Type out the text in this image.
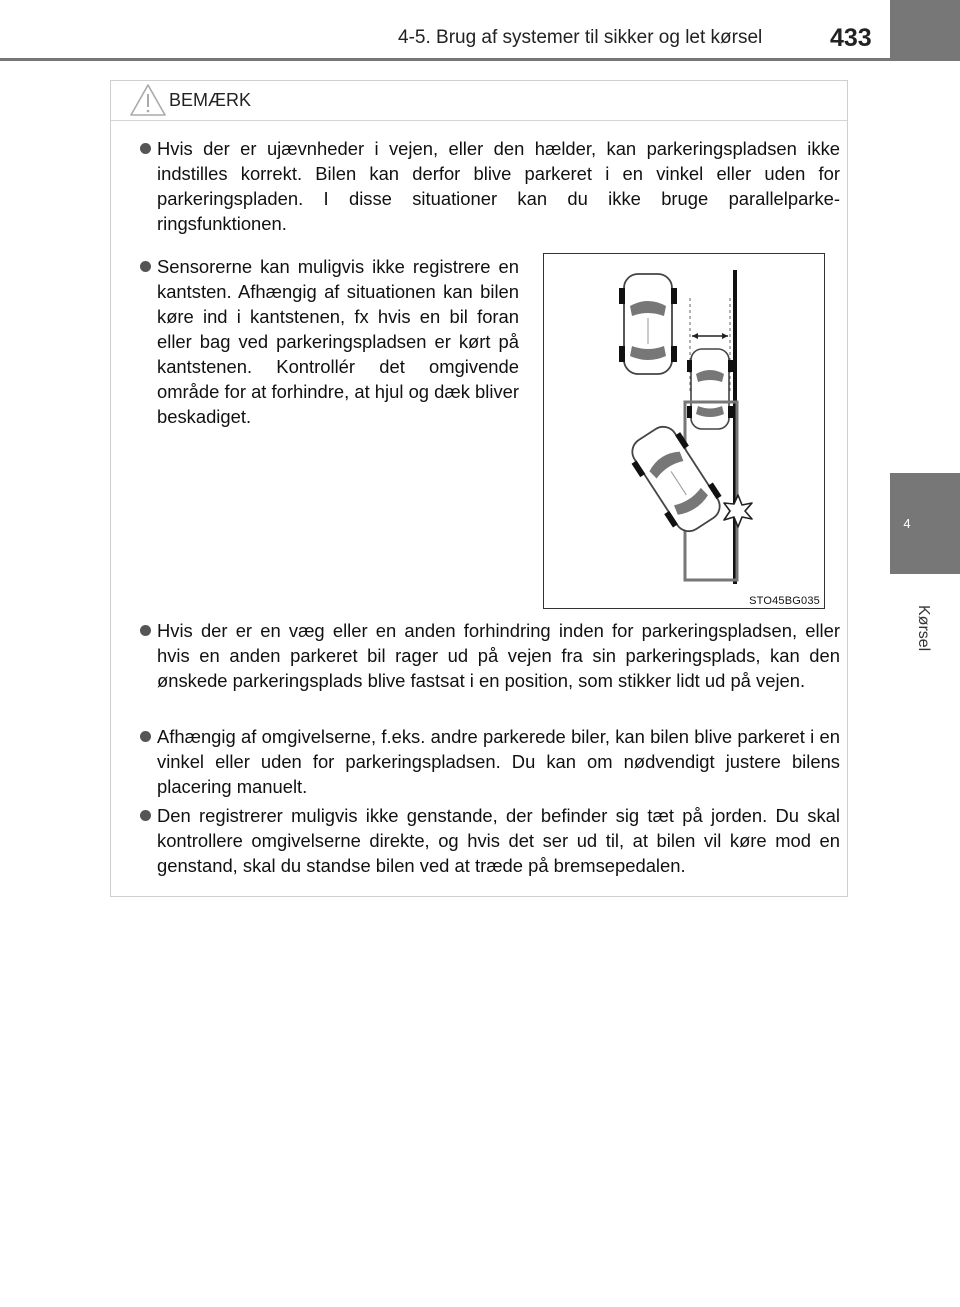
4-5. Brug af systemer til sikker og let kørsel	433
4
Kørsel
BEMÆRK
Hvis der er ujævnheder i vejen, eller den hælder, kan parkeringspladsen ikke indstilles korrekt. Bilen kan derfor blive parkeret i en vinkel eller uden for parkeringspladen. I disse situationer kan du ikke bruge parallelparkeringsfunktionen.
Sensorerne kan muligvis ikke registrere en kantsten. Afhængig af situationen kan bilen køre ind i kantstenen, fx hvis en bil foran eller bag ved parkeringspladsen er kørt på kantstenen. Kontrollér det omgivende område for at forhindre, at hjul og dæk bliver beskadiget.
STO45BG035
Hvis der er en væg eller en anden forhindring inden for parkeringspladsen, eller hvis en anden parkeret bil rager ud på vejen fra sin parkeringsplads, kan den ønskede parkeringsplads blive fastsat i en position, som stikker lidt ud på vejen.
Afhængig af omgivelserne, f.eks. andre parkerede biler, kan bilen blive parkeret i en vinkel eller uden for parkeringspladsen. Du kan om nødvendigt justere bilens placering manuelt.
Den registrerer muligvis ikke genstande, der befinder sig tæt på jorden. Du skal kontrollere omgivelserne direkte, og hvis det ser ud til, at bilen vil køre mod en genstand, skal du standse bilen ved at træde på bremsepedalen.
